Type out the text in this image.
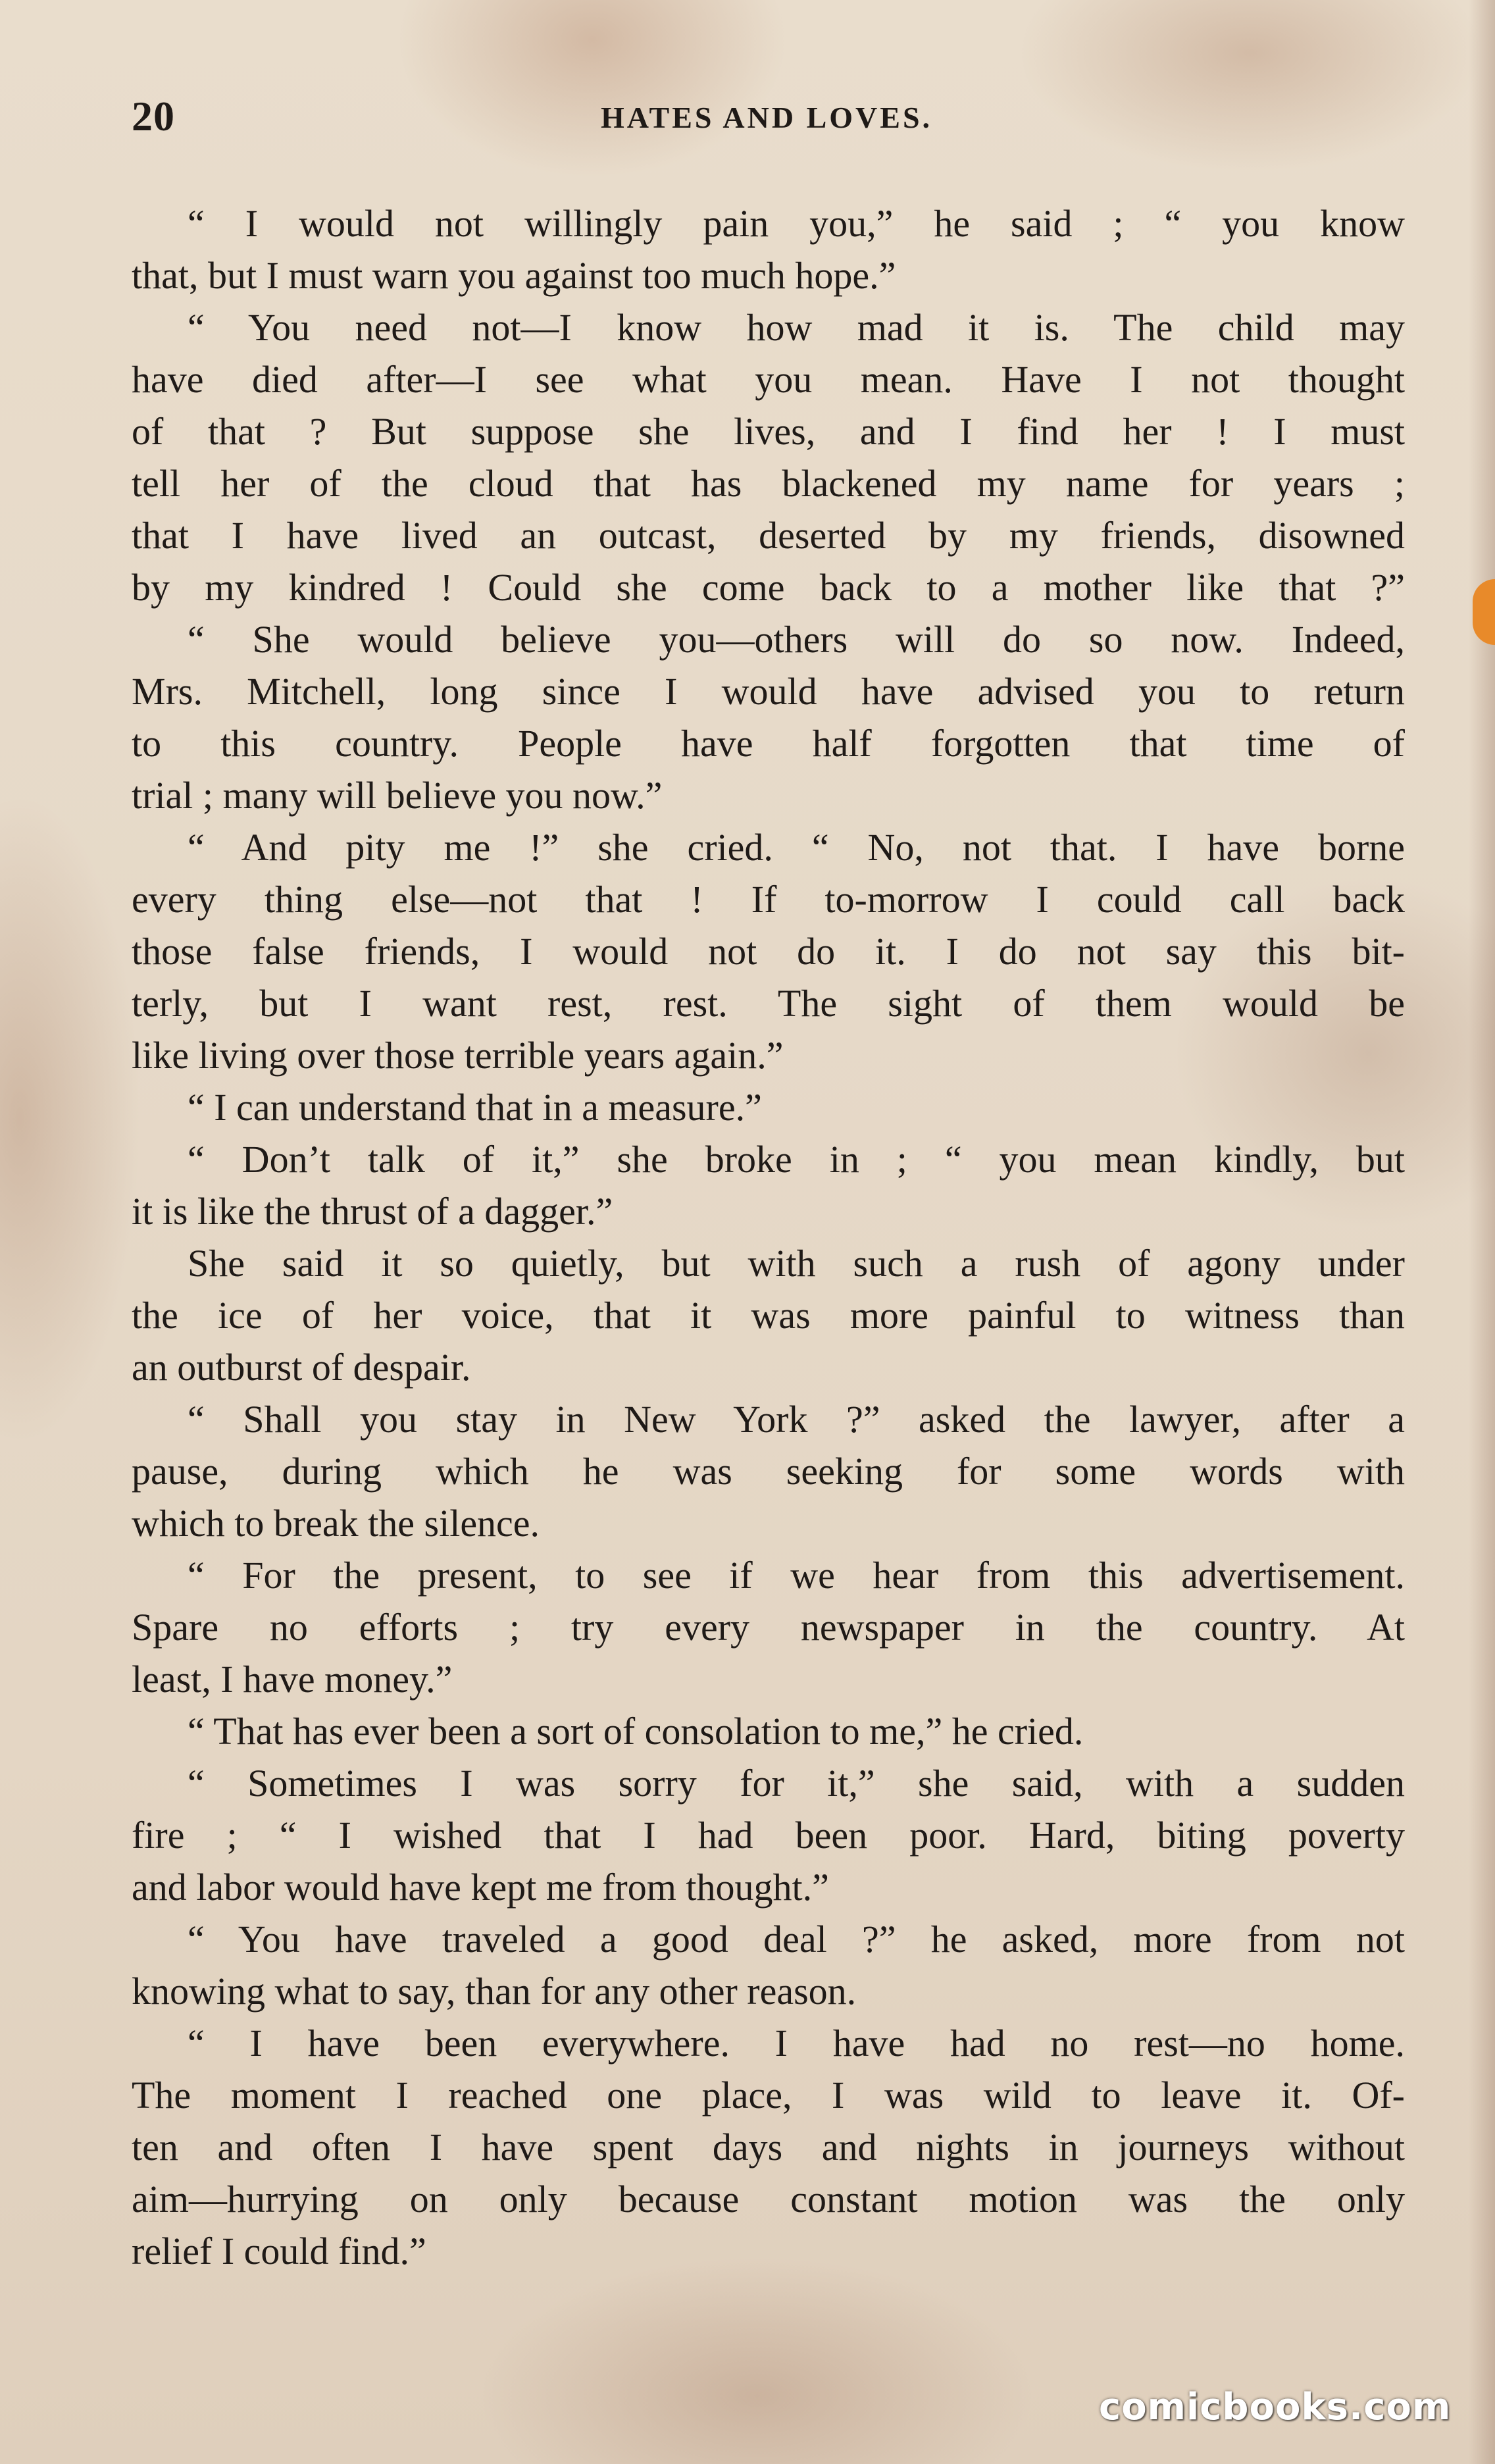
20	HATES AND LOVES.
“ I would not willingly pain you,” he said ; “ you know
that, but I must warn you against too much hope.”
“ You need not—I know how mad it is. The child may
have died after—I see what you mean. Have I not thought
of that ? But suppose she lives, and I find her ! I must
tell her of the cloud that has blackened my name for years ;
that I have lived an outcast, deserted by my friends, disowned
by my kindred ! Could she come back to a mother like that ?”
“ She would believe you—others will do so now. Indeed,
Mrs. Mitchell, long since I would have advised you to return
to this country. People have half forgotten that time of
trial ; many will believe you now.”
“ And pity me !” she cried. “ No, not that. I have borne
every thing else—not that ! If to-morrow I could call back
those false friends, I would not do it. I do not say this bit-
terly, but I want rest, rest. The sight of them would be
like living over those terrible years again.”
“ I can understand that in a measure.”
“ Don’t talk of it,” she broke in ; “ you mean kindly, but
it is like the thrust of a dagger.”
She said it so quietly, but with such a rush of agony under
the ice of her voice, that it was more painful to witness than
an outburst of despair.
“ Shall you stay in New York ?” asked the lawyer, after a
pause, during which he was seeking for some words with
which to break the silence.
“ For the present, to see if we hear from this advertisement.
Spare no efforts ; try every newspaper in the country. At
least, I have money.”
“ That has ever been a sort of consolation to me,” he cried.
“ Sometimes I was sorry for it,” she said, with a sudden
fire ; “ I wished that I had been poor. Hard, biting poverty
and labor would have kept me from thought.”
“ You have traveled a good deal ?” he asked, more from not
knowing what to say, than for any other reason.
“ I have been everywhere. I have had no rest—no home.
The moment I reached one place, I was wild to leave it. Of-
ten and often I have spent days and nights in journeys without
aim—hurrying on only because constant motion was the only
relief I could find.”
comicbooks.com
